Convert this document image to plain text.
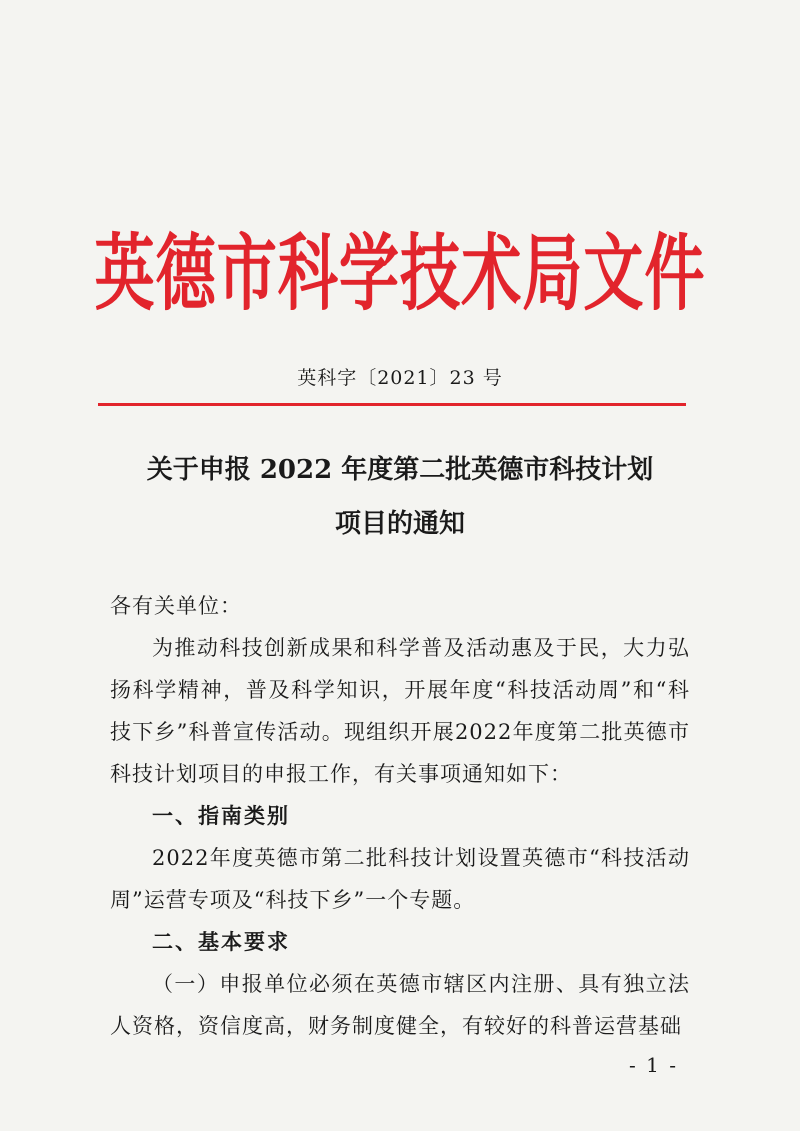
英德市科学技术局文件
英科字〔2021〕23 号
关于申报 2022 年度第二批英德市科技计划
项目的通知

各有关单位：

为推动科技创新成果和科学普及活动惠及于民，大力弘扬科学精神，普及科学知识，开展年度“科技活动周”和“科技下乡”科普宣传活动。现组织开展2022年度第二批英德市科技计划项目的申报工作，有关事项通知如下：

一、指南类别

2022年度英德市第二批科技计划设置英德市“科技活动周”运营专项及“科技下乡”一个专题。

二、基本要求

（一）申报单位必须在英德市辖区内注册、具有独立法人资格，资信度高，财务制度健全，有较好的科普运营基础

- 1 -
